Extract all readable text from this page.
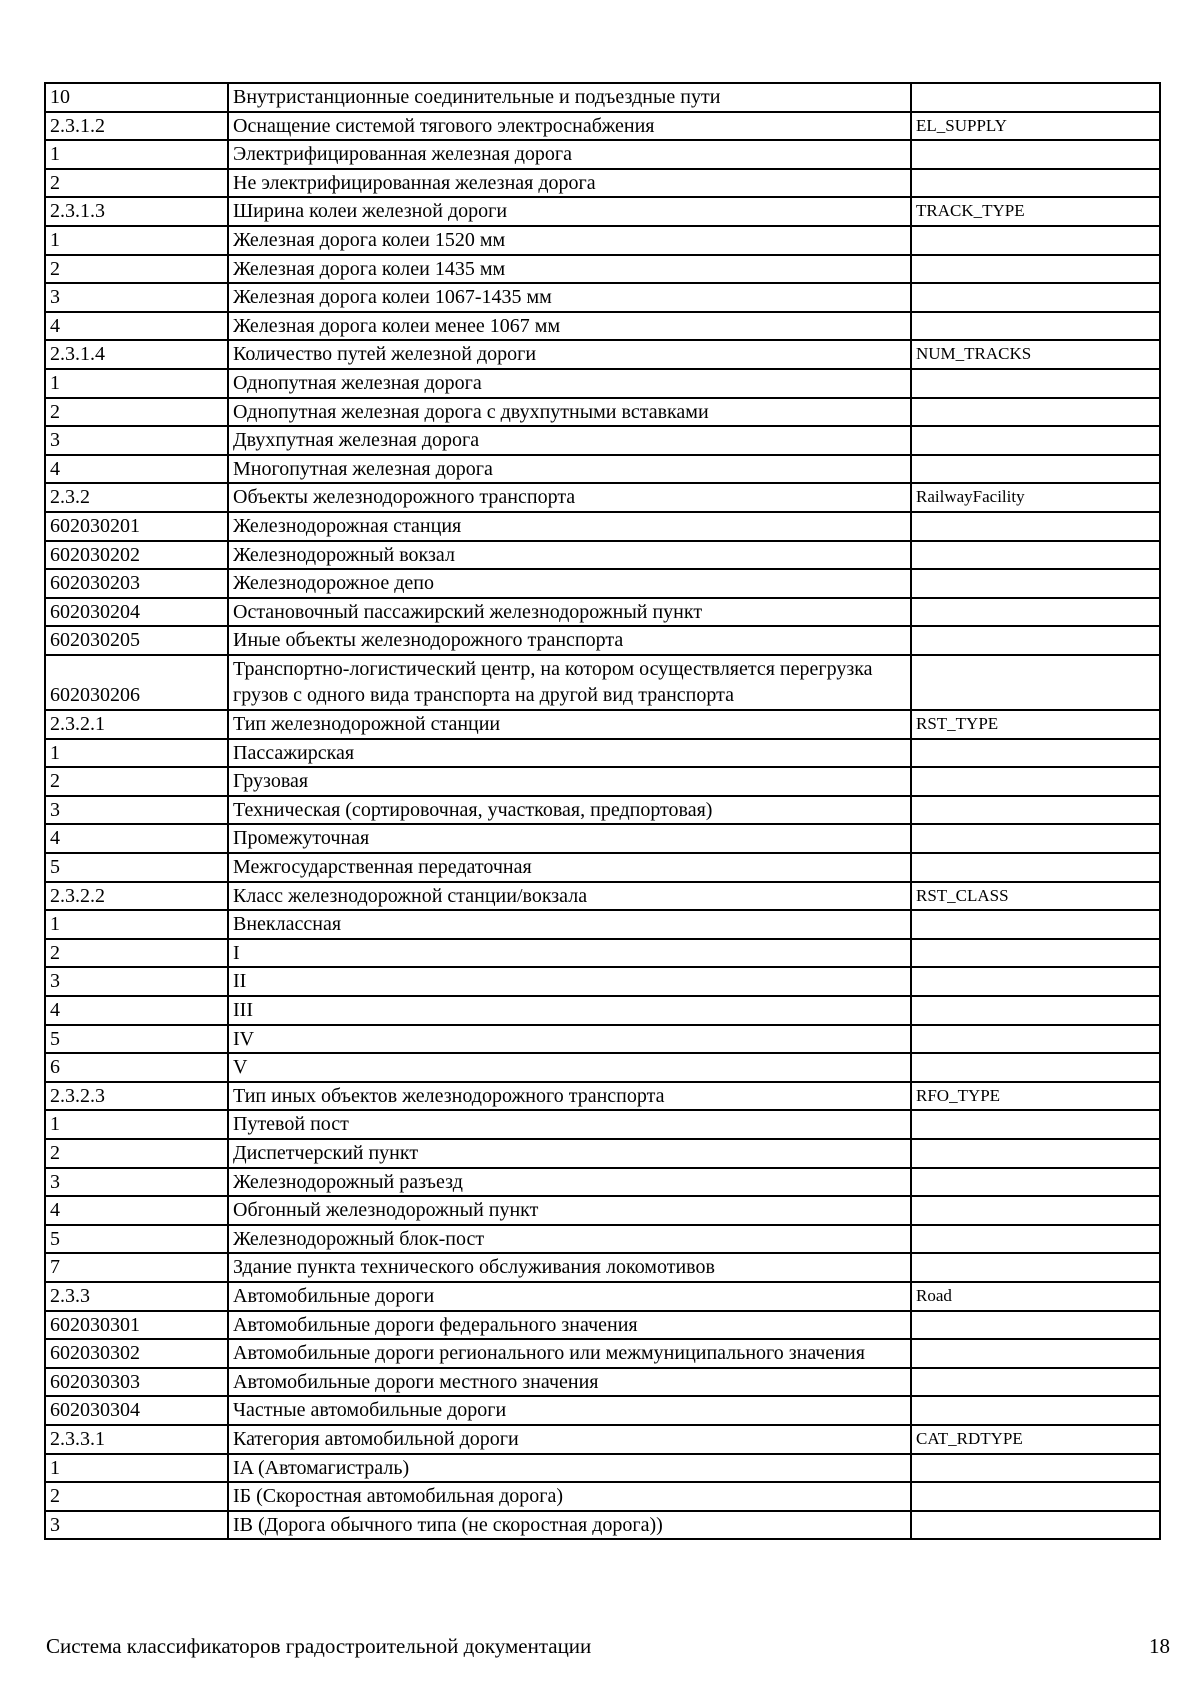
10	Внутристанционные соединительные и подъездные пути	
2.3.1.2	Оснащение системой тягового электроснабжения	EL_SUPPLY
1	Электрифицированная железная дорога	
2	Не электрифицированная железная дорога	
2.3.1.3	Ширина колеи железной дороги	TRACK_TYPE
1	Железная дорога колеи 1520 мм	
2	Железная дорога колеи 1435 мм	
3	Железная дорога колеи 1067-1435 мм	
4	Железная дорога колеи менее 1067 мм	
2.3.1.4	Количество путей железной дороги	NUM_TRACKS
1	Однопутная железная дорога	
2	Однопутная железная дорога с двухпутными вставками	
3	Двухпутная железная дорога	
4	Многопутная железная дорога	
2.3.2	Объекты железнодорожного транспорта	RailwayFacility
602030201	Железнодорожная станция	
602030202	Железнодорожный вокзал	
602030203	Железнодорожное депо	
602030204	Остановочный пассажирский железнодорожный пункт	
602030205	Иные объекты железнодорожного транспорта	
602030206	Транспортно-логистический центр, на котором осуществляется перегрузка грузов с одного вида транспорта на другой вид транспорта	
2.3.2.1	Тип железнодорожной станции	RST_TYPE
1	Пассажирская	
2	Грузовая	
3	Техническая (сортировочная, участковая, предпортовая)	
4	Промежуточная	
5	Межгосударственная передаточная	
2.3.2.2	Класс железнодорожной станции/вокзала	RST_CLASS
1	Внеклассная	
2	I	
3	II	
4	III	
5	IV	
6	V	
2.3.2.3	Тип иных объектов железнодорожного транспорта	RFO_TYPE
1	Путевой пост	
2	Диспетчерский пункт	
3	Железнодорожный разъезд	
4	Обгонный железнодорожный пункт	
5	Железнодорожный блок-пост	
7	Здание пункта технического обслуживания локомотивов	
2.3.3	Автомобильные дороги	Road
602030301	Автомобильные дороги федерального значения	
602030302	Автомобильные дороги регионального или межмуниципального значения	
602030303	Автомобильные дороги местного значения	
602030304	Частные автомобильные дороги	
2.3.3.1	Категория автомобильной дороги	CAT_RDTYPE
1	IA (Автомагистраль)	
2	IБ (Скоростная автомобильная дорога)	
3	IВ (Дорога обычного типа (не скоростная дорога))	
Система классификаторов градостроительной документации	18
